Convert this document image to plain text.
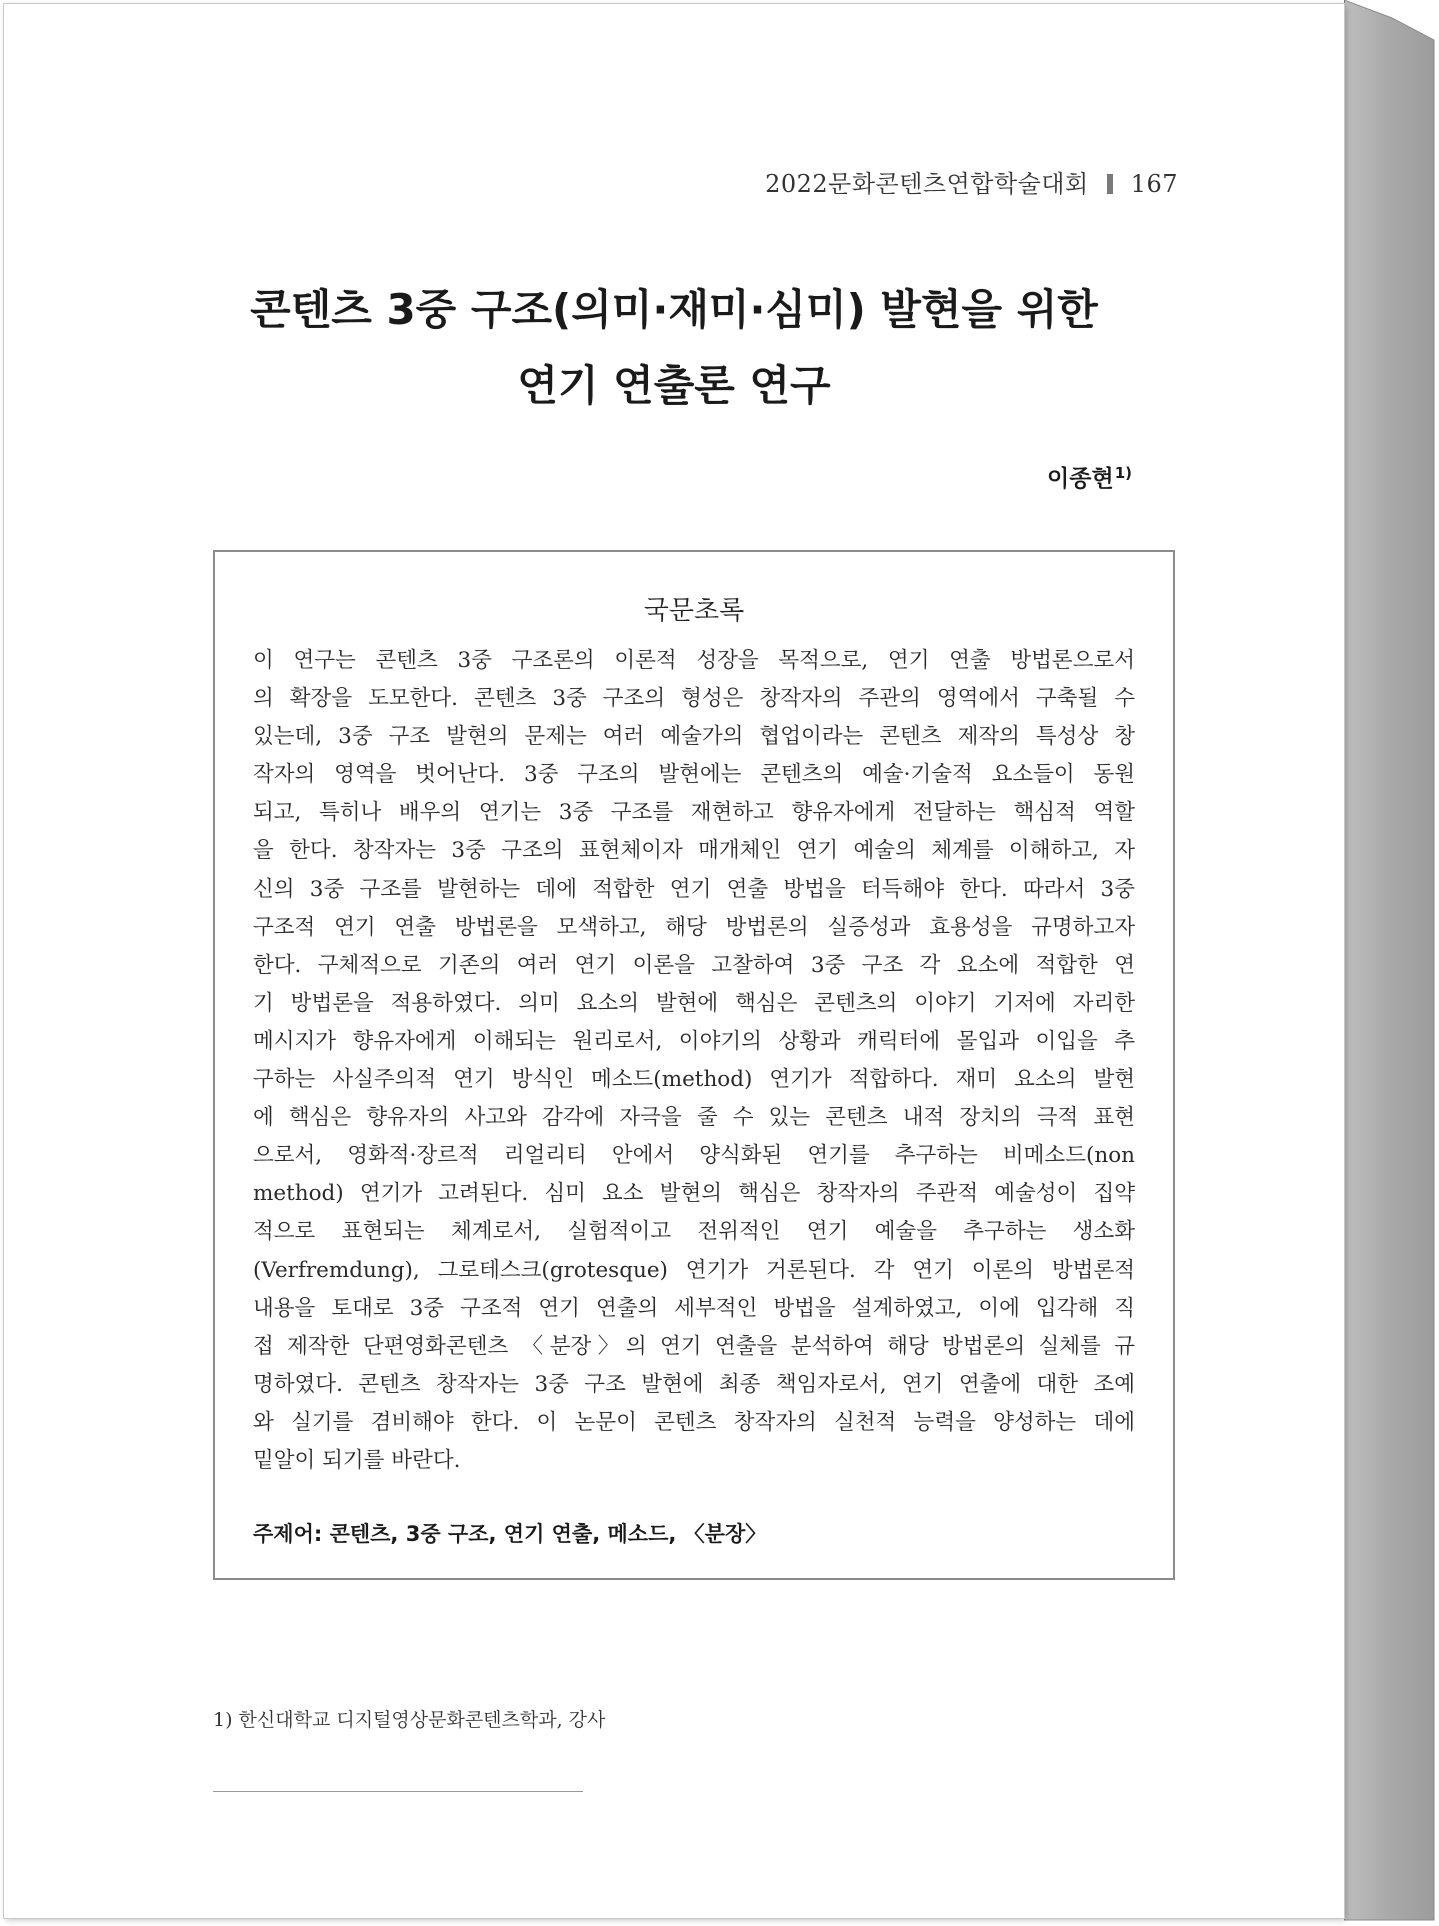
2022문화콘텐츠연합학술대회 167
콘텐츠 3중 구조(의미·재미·심미) 발현을 위한
연기 연출론 연구
이종현$^{1)}$
국문초록
이 연구는 콘텐츠 3중 구조론의 이론적 성장을 목적으로, 연기 연출 방법론으로서
의 확장을 도모한다. 콘텐츠 3중 구조의 형성은 창작자의 주관의 영역에서 구축될 수
있는데, 3중 구조 발현의 문제는 여러 예술가의 협업이라는 콘텐츠 제작의 특성상 창
작자의 영역을 벗어난다. 3중 구조의 발현에는 콘텐츠의 예술·기술적 요소들이 동원
되고, 특히나 배우의 연기는 3중 구조를 재현하고 향유자에게 전달하는 핵심적 역할
을 한다. 창작자는 3중 구조의 표현체이자 매개체인 연기 예술의 체계를 이해하고, 자
신의 3중 구조를 발현하는 데에 적합한 연기 연출 방법을 터득해야 한다. 따라서 3중
구조적 연기 연출 방법론을 모색하고, 해당 방법론의 실증성과 효용성을 규명하고자
한다. 구체적으로 기존의 여러 연기 이론을 고찰하여 3중 구조 각 요소에 적합한 연
기 방법론을 적용하였다. 의미 요소의 발현에 핵심은 콘텐츠의 이야기 기저에 자리한
메시지가 향유자에게 이해되는 원리로서, 이야기의 상황과 캐릭터에 몰입과 이입을 추
구하는 사실주의적 연기 방식인 메소드(method) 연기가 적합하다. 재미 요소의 발현
에 핵심은 향유자의 사고와 감각에 자극을 줄 수 있는 콘텐츠 내적 장치의 극적 표현
으로서, 영화적·장르적 리얼리티 안에서 양식화된 연기를 추구하는 비메소드(non
method) 연기가 고려된다. 심미 요소 발현의 핵심은 창작자의 주관적 예술성이 집약
적으로 표현되는 체계로서, 실험적이고 전위적인 연기 예술을 추구하는 생소화
(Verfremdung), 그로테스크(grotesque) 연기가 거론된다. 각 연기 이론의 방법론적
내용을 토대로 3중 구조적 연기 연출의 세부적인 방법을 설계하였고, 이에 입각해 직
접 제작한 단편영화콘텐츠 〈분장〉의 연기 연출을 분석하여 해당 방법론의 실체를 규
명하였다. 콘텐츠 창작자는 3중 구조 발현에 최종 책임자로서, 연기 연출에 대한 조예
와 실기를 겸비해야 한다. 이 논문이 콘텐츠 창작자의 실천적 능력을 양성하는 데에
밑알이 되기를 바란다.
주제어: 콘텐츠, 3중 구조, 연기 연출, 메소드, 〈분장〉
1) 한신대학교 디지털영상문화콘텐츠학과, 강사
